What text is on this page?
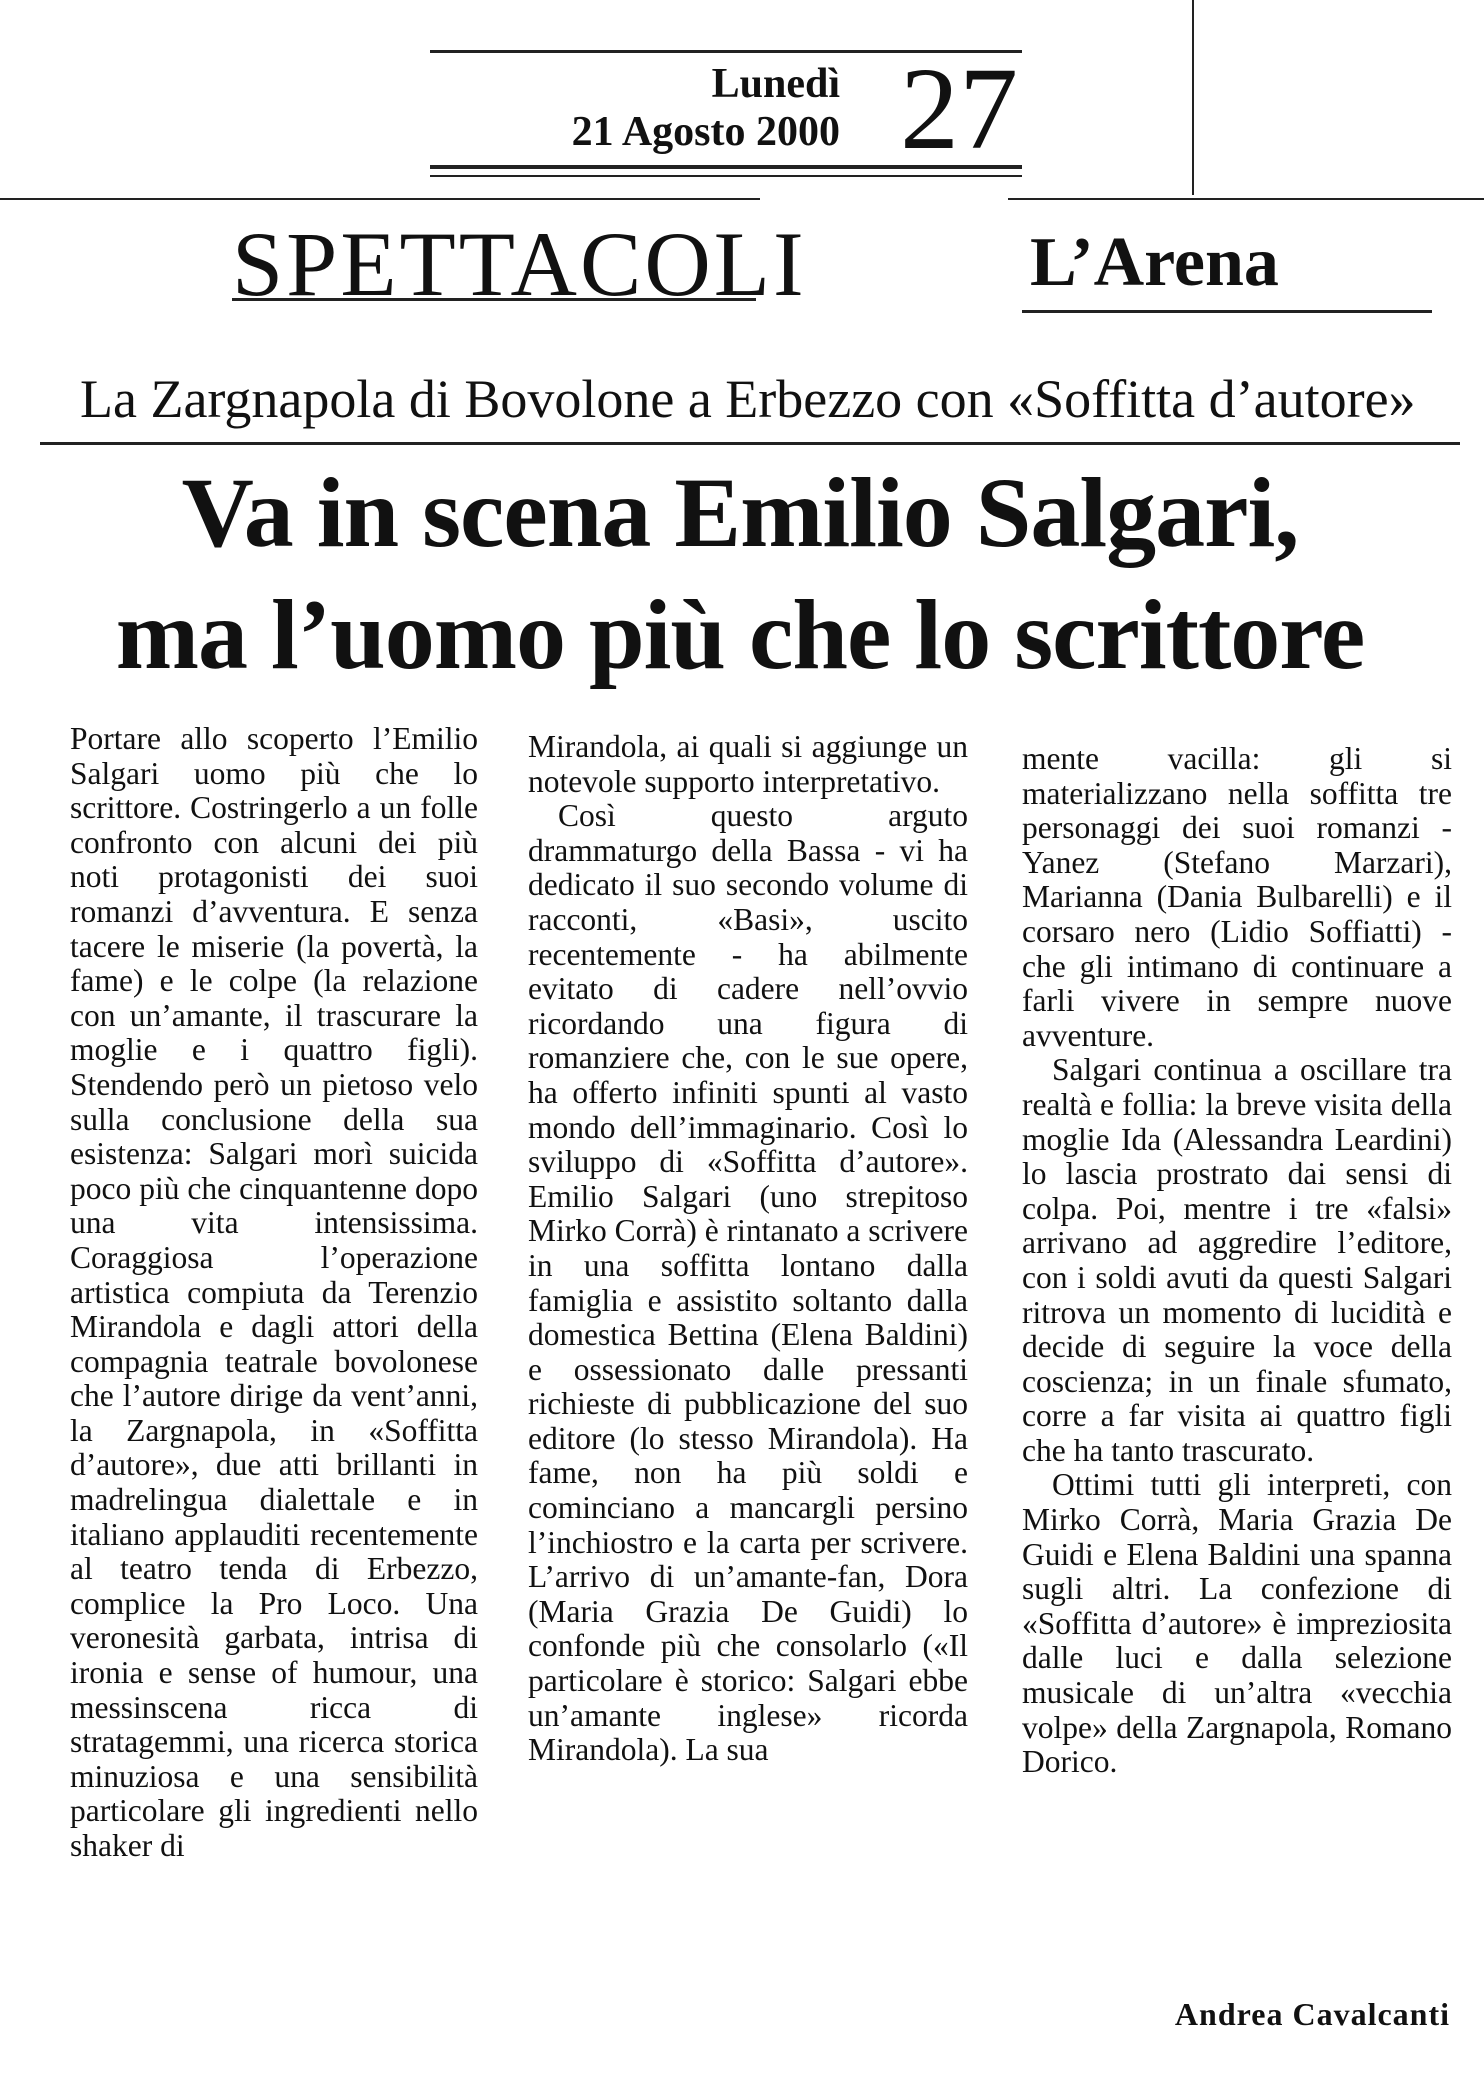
Lunedì
21 Agosto 2000 27
SPETTACOLI	L’Arena
La Zargnapola di Bovolone a Erbezzo con «Soffitta d’autore»
Va in scena Emilio Salgari,
ma l’uomo più che lo scrittore

Portare allo scoperto l’Emilio Salgari uomo più che lo scrittore. Costringerlo a un folle confronto con alcuni dei più noti protagonisti dei suoi romanzi d’avventura. E senza tacere le miserie (la povertà, la fame) e le colpe (la relazione con un’amante, il trascurare la moglie e i quattro figli). Stendendo però un pietoso velo sulla conclusione della sua esistenza: Salgari morì suicida poco più che cinquantenne dopo una vita intensissima. Coraggiosa l’operazione artistica compiuta da Terenzio Mirandola e dagli attori della compagnia teatrale bovolonese che l’autore dirige da vent’anni, la Zargnapola, in «Soffitta d’autore», due atti brillanti in madrelingua dialettale e in italiano applauditi recentemente al teatro tenda di Erbezzo, complice la Pro Loco. Una veronesità garbata, intrisa di ironia e sense of humour, una messinscena ricca di stratagemmi, una ricerca storica minuziosa e una sensibilità particolare gli ingredienti nello shaker di

Mirandola, ai quali si aggiunge un notevole supporto interpretativo.

Così questo arguto drammaturgo della Bassa - vi ha dedicato il suo secondo volume di racconti, «Basi», uscito recentemente - ha abilmente evitato di cadere nell’ovvio ricordando una figura di romanziere che, con le sue opere, ha offerto infiniti spunti al vasto mondo dell’immaginario. Così lo sviluppo di «Soffitta d’autore». Emilio Salgari (uno strepitoso Mirko Corrà) è rintanato a scrivere in una soffitta lontano dalla famiglia e assistito soltanto dalla domestica Bettina (Elena Baldini) e ossessionato dalle pressanti richieste di pubblicazione del suo editore (lo stesso Mirandola). Ha fame, non ha più soldi e cominciano a mancargli persino l’inchiostro e la carta per scrivere. L’arrivo di un’amante-fan, Dora (Maria Grazia De Guidi) lo confonde più che consolarlo («Il particolare è storico: Salgari ebbe un’amante inglese» ricorda Mirandola). La sua

mente vacilla: gli si materializzano nella soffitta tre personaggi dei suoi romanzi - Yanez (Stefano Marzari), Marianna (Dania Bulbarelli) e il corsaro nero (Lidio Soffiatti) - che gli intimano di continuare a farli vivere in sempre nuove avventure.

Salgari continua a oscillare tra realtà e follia: la breve visita della moglie Ida (Alessandra Leardini) lo lascia prostrato dai sensi di colpa. Poi, mentre i tre «falsi» arrivano ad aggredire l’editore, con i soldi avuti da questi Salgari ritrova un momento di lucidità e decide di seguire la voce della coscienza; in un finale sfumato, corre a far visita ai quattro figli che ha tanto trascurato.

Ottimi tutti gli interpreti, con Mirko Corrà, Maria Grazia De Guidi e Elena Baldini una spanna sugli altri. La confezione di «Soffitta d’autore» è impreziosita dalle luci e dalla selezione musicale di un’altra «vecchia volpe» della Zargnapola, Romano Dorico.

Andrea Cavalcanti
